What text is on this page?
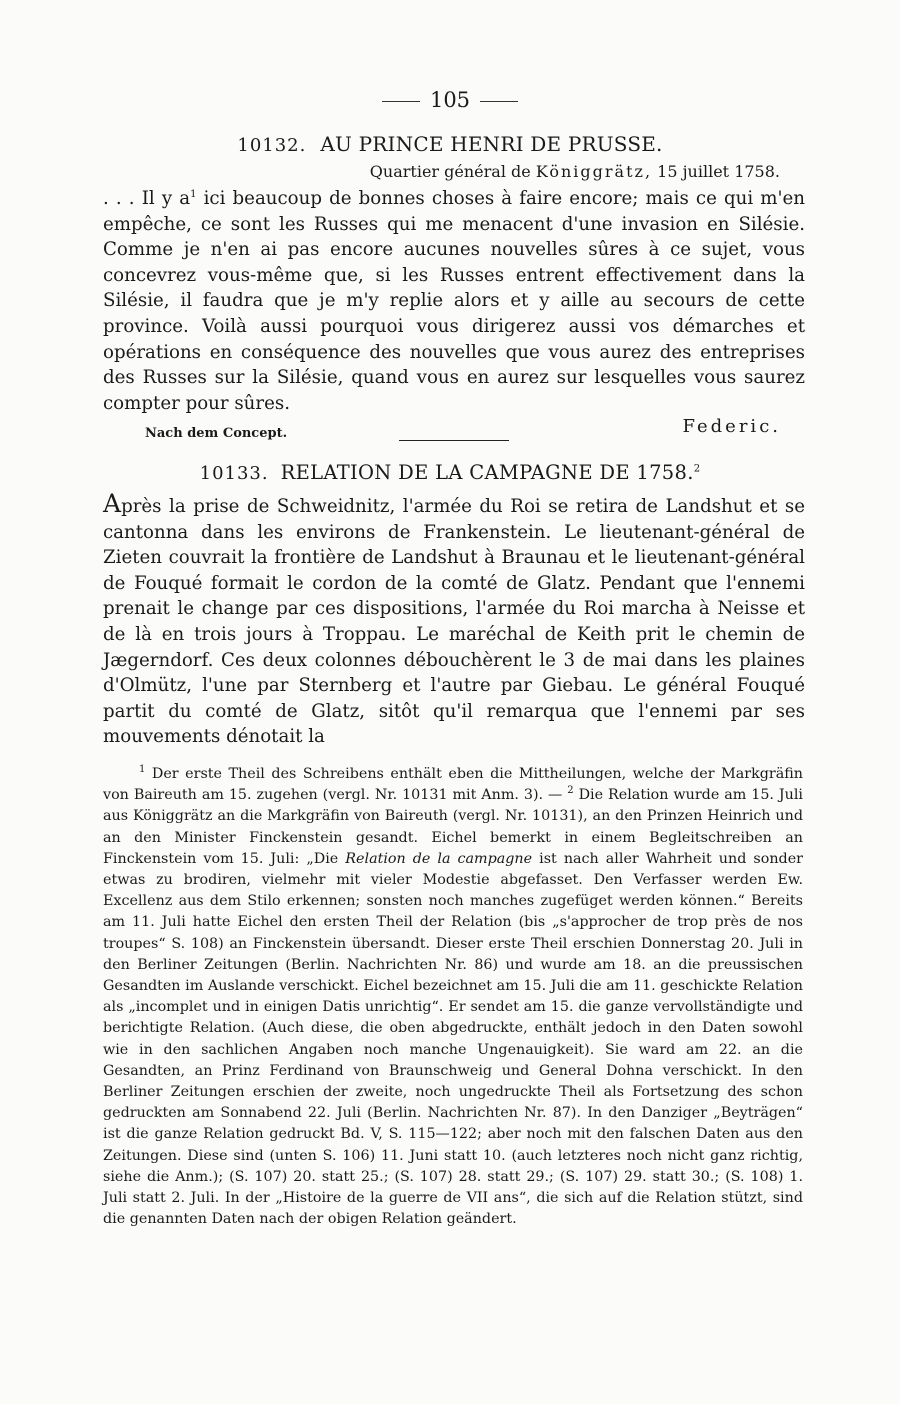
105
10132. AU PRINCE HENRI DE PRUSSE.
Quartier général de Königgrätz, 15 juillet 1758.

. . . Il y $a^1$ ici beaucoup de bonnes choses à faire encore; mais ce qui m'en empêche, ce sont les Russes qui me menacent d'une invasion en Silésie. Comme je n'en ai pas encore aucunes nouvelles sûres à ce sujet, vous concevrez vous-même que, si les Russes entrent effectivement dans la Silésie, il faudra que je m'y replie alors et y aille au secours de cette province. Voilà aussi pourquoi vous dirigerez aussi vos démarches et opérations en conséquence des nouvelles que vous aurez des entreprises des Russes sur la Silésie, quand vous en aurez sur lesquelles vous saurez compter pour sûres.

Nach dem Concept.	Federic.
10133. RELATION DE LA CAMPAGNE DE 1758.$^2$

Après la prise de Schweidnitz, l'armée du Roi se retira de Landshut et se cantonna dans les environs de Frankenstein. Le lieutenant-général de Zieten couvrait la frontière de Landshut à Braunau et le lieutenant-général de Fouqué formait le cordon de la comté de Glatz. Pendant que l'ennemi prenait le change par ces dispositions, l'armée du Roi marcha à Neisse et de là en trois jours à Troppau. Le maréchal de Keith prit le chemin de Jægerndorf. Ces deux colonnes débouchèrent le 3 de mai dans les plaines d'Olmütz, l'une par Sternberg et l'autre par Giebau. Le général Fouqué partit du comté de Glatz, sitôt qu'il remarqua que l'ennemi par ses mouvements dénotait la

$^1$ Der erste Theil des Schreibens enthält eben die Mittheilungen, welche der Markgräfin von Baireuth am 15. zugehen (vergl. Nr. 10131 mit Anm. 3). — $^2$ Die Relation wurde am 15. Juli aus Königgrätz an die Markgräfin von Baireuth (vergl. Nr. 10131), an den Prinzen Heinrich und an den Minister Finckenstein gesandt. Eichel bemerkt in einem Begleitschreiben an Finckenstein vom 15. Juli: „Die Relation de la campagne ist nach aller Wahrheit und sonder etwas zu brodiren, vielmehr mit vieler Modestie abgefasset. Den Verfasser werden Ew. Excellenz aus dem Stilo erkennen; sonsten noch manches zugefüget werden können.“ Bereits am 11. Juli hatte Eichel den ersten Theil der Relation (bis „s'approcher de trop près de nos troupes“ S. 108) an Finckenstein übersandt. Dieser erste Theil erschien Donnerstag 20. Juli in den Berliner Zeitungen (Berlin. Nachrichten Nr. 86) und wurde am 18. an die preussischen Gesandten im Auslande verschickt. Eichel bezeichnet am 15. Juli die am 11. geschickte Relation als „incomplet und in einigen Datis unrichtig“. Er sendet am 15. die ganze vervollständigte und berichtigte Relation. (Auch diese, die oben abgedruckte, enthält jedoch in den Daten sowohl wie in den sachlichen Angaben noch manche Ungenauigkeit). Sie ward am 22. an die Gesandten, an Prinz Ferdinand von Braunschweig und General Dohna verschickt. In den Berliner Zeitungen erschien der zweite, noch ungedruckte Theil als Fortsetzung des schon gedruckten am Sonnabend 22. Juli (Berlin. Nachrichten Nr. 87). In den Danziger „Beyträgen“ ist die ganze Relation gedruckt Bd. V, S. 115—122; aber noch mit den falschen Daten aus den Zeitungen. Diese sind (unten S. 106) 11. Juni statt 10. (auch letzteres noch nicht ganz richtig, siehe die Anm.); (S. 107) 20. statt 25.; (S. 107) 28. statt 29.; (S. 107) 29. statt 30.; (S. 108) 1. Juli statt 2. Juli. In der „Histoire de la guerre de VII ans“, die sich auf die Relation stützt, sind die genannten Daten nach der obigen Relation geändert.
